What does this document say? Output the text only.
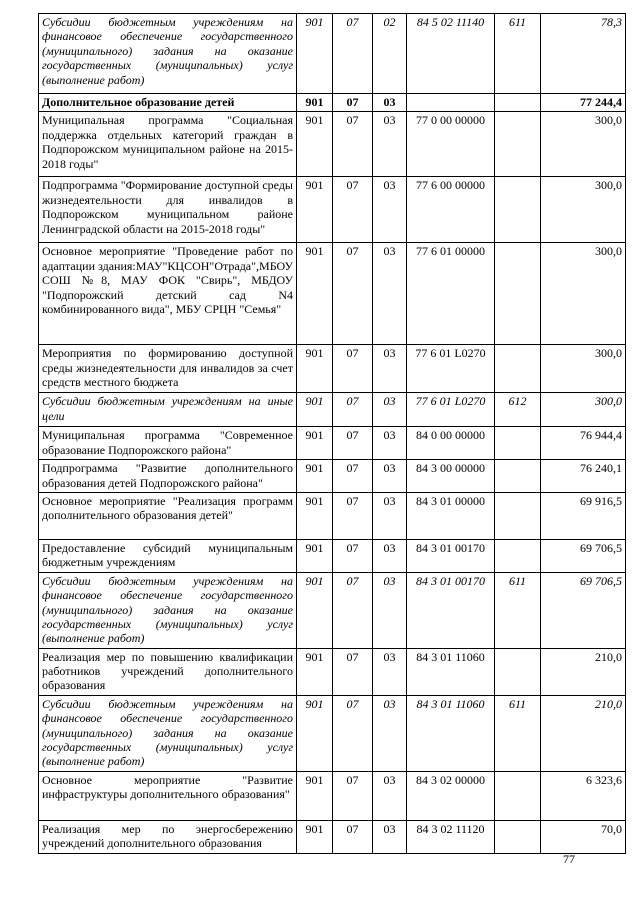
Субсидии бюджетным учреждениям на финансовое обеспечение государственного (муниципального) задания на оказание государственных (муниципальных) услуг (выполнение работ)	901	07	02	84 5 02 11140	611	78,3
Дополнительное образование детей	901	07	03			77 244,4
Муниципальная программа "Социальная поддержка отдельных категорий граждан в Подпорожском муниципальном районе на 2015-2018 годы"	901	07	03	77 0 00 00000		300,0
Подпрограмма "Формирование доступной среды жизнедеятельности для инвалидов в Подпорожском муниципальном районе Ленинградской области на 2015-2018 годы"	901	07	03	77 6 00 00000		300,0
Основное мероприятие "Проведение работ по адаптации здания:МАУ"КЦСОН"Отрада",МБОУ СОШ №8, МАУ ФОК "Свирь", МБДОУ "Подпорожский детский сад N4 комбинированного вида", МБУ СРЦН "Семья"	901	07	03	77 6 01 00000		300,0
Мероприятия по формированию доступной среды жизнедеятельности для инвалидов за счет средств местного бюджета	901	07	03	77 6 01 L0270		300,0
Субсидии бюджетным учреждениям на иные цели	901	07	03	77 6 01 L0270	612	300,0
Муниципальная программа "Современное образование Подпорожского района"	901	07	03	84 0 00 00000		76 944,4
Подпрограмма "Развитие дополнительного образования детей Подпорожского района"	901	07	03	84 3 00 00000		76 240,1
Основное мероприятие "Реализация программ дополнительного образования детей"	901	07	03	84 3 01 00000		69 916,5
Предоставление субсидий муниципальным бюджетным учреждениям	901	07	03	84 3 01 00170		69 706,5
Субсидии бюджетным учреждениям на финансовое обеспечение государственного (муниципального) задания на оказание государственных (муниципальных) услуг (выполнение работ)	901	07	03	84 3 01 00170	611	69 706,5
Реализация мер по повышению квалификации работников учреждений дополнительного образования	901	07	03	84 3 01 11060		210,0
Субсидии бюджетным учреждениям на финансовое обеспечение государственного (муниципального) задания на оказание государственных (муниципальных) услуг (выполнение работ)	901	07	03	84 3 01 11060	611	210,0
Основное мероприятие "Развитие инфраструктуры дополнительного образования"	901	07	03	84 3 02 00000		6 323,6
Реализация мер по энергосбережению учреждений дополнительного образования	901	07	03	84 3 02 11120		70,0
77
